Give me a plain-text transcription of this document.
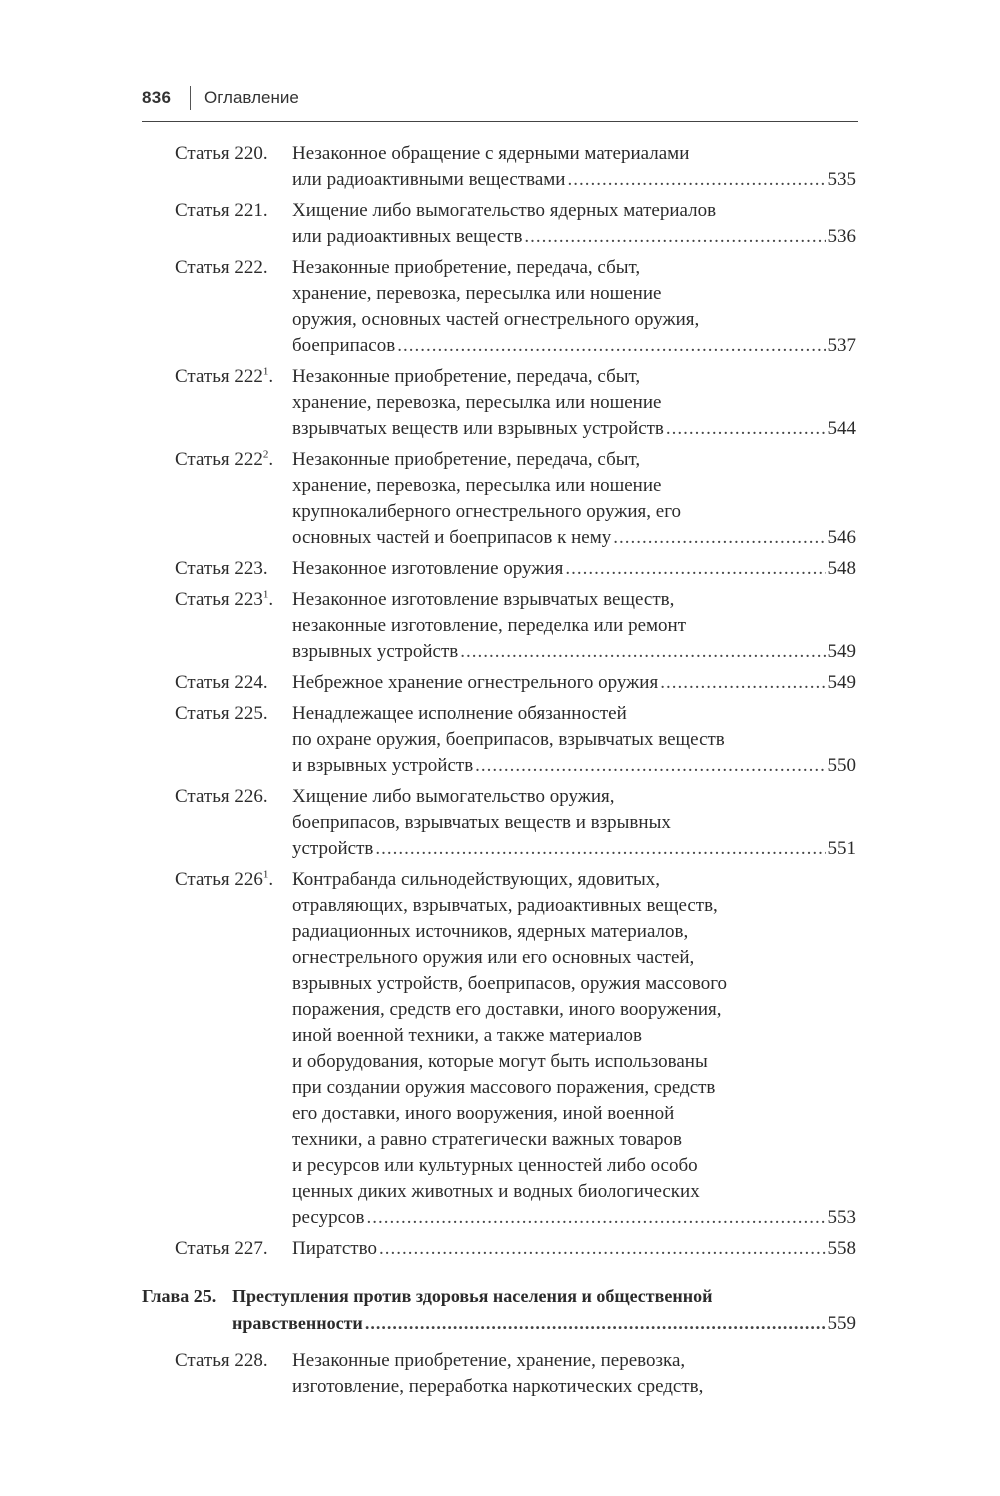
836 Оглавление
Статья 220. Незаконное обращение с ядерными материалами
или радиоактивными веществами .....	535
Статья 221. Хищение либо вымогательство ядерных материалов
или радиоактивных веществ .....	536
Статья 222. Незаконные приобретение, передача, сбыт,
хранение, перевозка, пересылка или ношение
оружия, основных частей огнестрельного оружия,
боеприпасов .....	537
Статья $222^1$. Незаконные приобретение, передача, сбыт,
хранение, перевозка, пересылка или ношение
взрывчатых веществ или взрывных устройств .....	544
Статья $222^2$. Незаконные приобретение, передача, сбыт,
хранение, перевозка, пересылка или ношение
крупнокалиберного огнестрельного оружия, его
основных частей и боеприпасов к нему .....	546
Статья 223. Незаконное изготовление оружия .....	548
Статья $223^1$. Незаконное изготовление взрывчатых веществ,
незаконные изготовление, переделка или ремонт
взрывных устройств .....	549
Статья 224. Небрежное хранение огнестрельного оружия .....	549
Статья 225. Ненадлежащее исполнение обязанностей
по охране оружия, боеприпасов, взрывчатых веществ
и взрывных устройств .....	550
Статья 226. Хищение либо вымогательство оружия,
боеприпасов, взрывчатых веществ и взрывных
устройств .....	551
Статья $226^1$. Контрабанда сильнодействующих, ядовитых,
отравляющих, взрывчатых, радиоактивных веществ,
радиационных источников, ядерных материалов,
огнестрельного оружия или его основных частей,
взрывных устройств, боеприпасов, оружия массового
поражения, средств его доставки, иного вооружения,
иной военной техники, а также материалов
и оборудования, которые могут быть использованы
при создании оружия массового поражения, средств
его доставки, иного вооружения, иной военной
техники, а равно стратегически важных товаров
и ресурсов или культурных ценностей либо особо
ценных диких животных и водных биологических
ресурсов .....	553
Статья 227. Пиратство .....	558
Глава 25. Преступления против здоровья населения и общественной
нравственности .....	559
Статья 228. Незаконные приобретение, хранение, перевозка,
изготовление, переработка наркотических средств,
